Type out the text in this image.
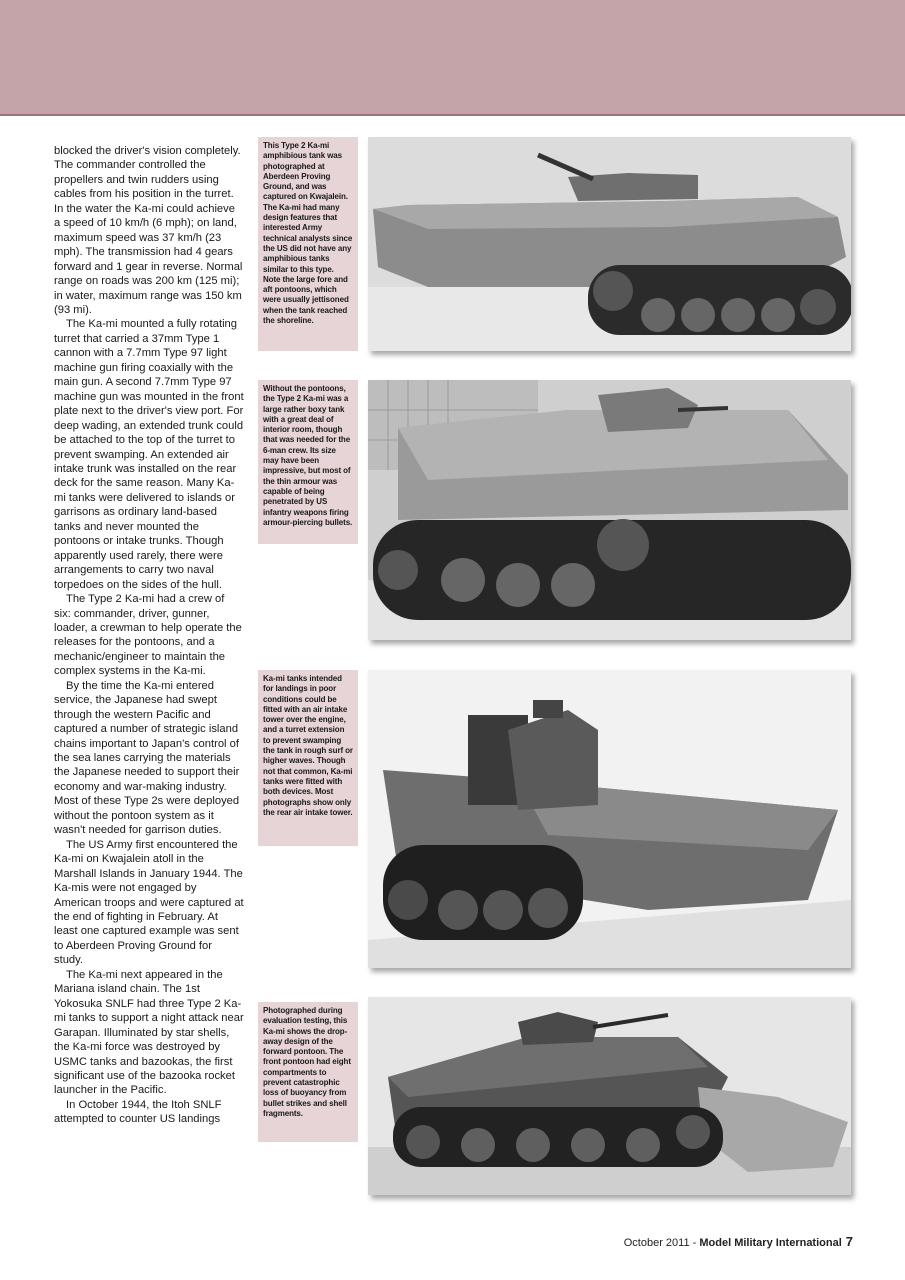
blocked the driver's vision completely. The commander controlled the propellers and twin rudders using cables from his position in the turret. In the water the Ka-mi could achieve a speed of 10 km/h (6 mph); on land, maximum speed was 37 km/h (23 mph). The transmission had 4 gears forward and 1 gear in reverse. Normal range on roads was 200 km (125 mi); in water, maximum range was 150 km (93 mi).

The Ka-mi mounted a fully rotating turret that carried a 37mm Type 1 cannon with a 7.7mm Type 97 light machine gun firing coaxially with the main gun. A second 7.7mm Type 97 machine gun was mounted in the front plate next to the driver's view port. For deep wading, an extended trunk could be attached to the top of the turret to prevent swamping. An extended air intake trunk was installed on the rear deck for the same reason. Many Ka-mi tanks were delivered to islands or garrisons as ordinary land-based tanks and never mounted the pontoons or intake trunks. Though apparently used rarely, there were arrangements to carry two naval torpedoes on the sides of the hull.

The Type 2 Ka-mi had a crew of six: commander, driver, gunner, loader, a crewman to help operate the releases for the pontoons, and a mechanic/engineer to maintain the complex systems in the Ka-mi.

By the time the Ka-mi entered service, the Japanese had swept through the western Pacific and captured a number of strategic island chains important to Japan's control of the sea lanes carrying the materials the Japanese needed to support their economy and war-making industry. Most of these Type 2s were deployed without the pontoon system as it wasn't needed for garrison duties.

The US Army first encountered the Ka-mi on Kwajalein atoll in the Marshall Islands in January 1944. The Ka-mis were not engaged by American troops and were captured at the end of fighting in February. At least one captured example was sent to Aberdeen Proving Ground for study.

The Ka-mi next appeared in the Mariana island chain. The 1st Yokosuka SNLF had three Type 2 Ka-mi tanks to support a night attack near Garapan. Illuminated by star shells, the Ka-mi force was destroyed by USMC tanks and bazookas, the first significant use of the bazooka rocket launcher in the Pacific.

In October 1944, the Itoh SNLF attempted to counter US landings

This Type 2 Ka-mi amphibious tank was photographed at Aberdeen Proving Ground, and was captured on Kwajalein. The Ka-mi had many design features that interested Army technical analysts since the US did not have any amphibious tanks similar to this type. Note the large fore and aft pontoons, which were usually jettisoned when the tank reached the shoreline.
Without the pontoons, the Type 2 Ka-mi was a large rather boxy tank with a great deal of interior room, though that was needed for the 6-man crew. Its size may have been impressive, but most of the thin armour was capable of being penetrated by US infantry weapons firing armour-piercing bullets.
Ka-mi tanks intended for landings in poor conditions could be fitted with an air intake tower over the engine, and a turret extension to prevent swamping the tank in rough surf or higher waves. Though not that common, Ka-mi tanks were fitted with both devices. Most photographs show only the rear air intake tower.
Photographed during evaluation testing, this Ka-mi shows the drop-away design of the forward pontoon. The front pontoon had eight compartments to prevent catastrophic loss of buoyancy from bullet strikes and shell fragments.
October 2011 - Model Military International 7
